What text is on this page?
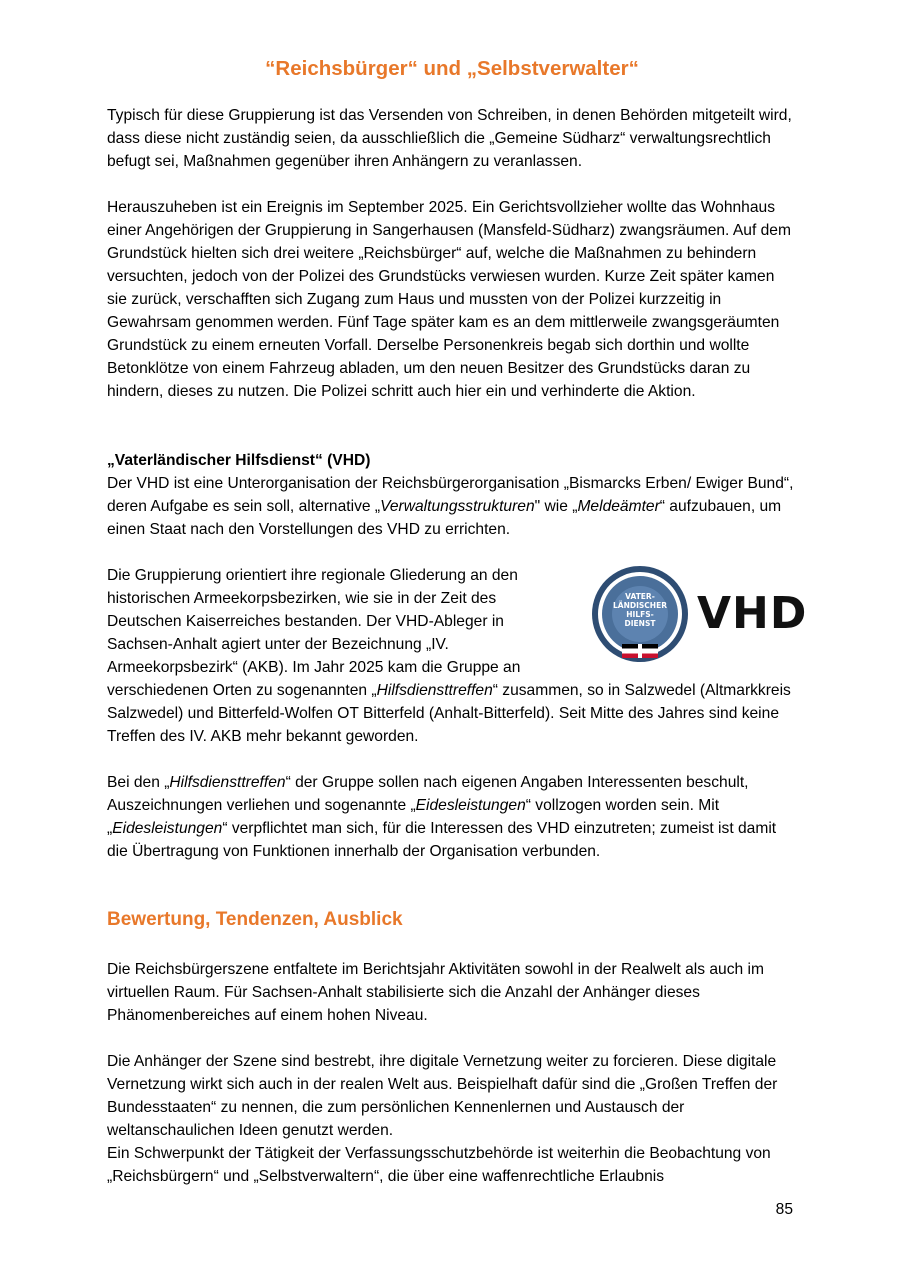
“Reichsbürger“ und „Selbstverwalter“

Typisch für diese Gruppierung ist das Versenden von Schreiben, in denen Behörden mitgeteilt wird, dass diese nicht zuständig seien, da ausschließlich die „Gemeine Südharz“ verwaltungsrechtlich befugt sei, Maßnahmen gegenüber ihren Anhängern zu veranlassen.

Herauszuheben ist ein Ereignis im September 2025. Ein Gerichtsvollzieher wollte das Wohnhaus einer Angehörigen der Gruppierung in Sangerhausen (Mansfeld-Südharz) zwangsräumen. Auf dem Grundstück hielten sich drei weitere „Reichsbürger“ auf, welche die Maßnahmen zu behindern versuchten, jedoch von der Polizei des Grundstücks verwiesen wurden. Kurze Zeit später kamen sie zurück, verschafften sich Zugang zum Haus und mussten von der Polizei kurzzeitig in Gewahrsam genommen werden. Fünf Tage später kam es an dem mittlerweile zwangsgeräumten Grundstück zu einem erneuten Vorfall. Derselbe Personenkreis begab sich dorthin und wollte Betonklötze von einem Fahrzeug abladen, um den neuen Besitzer des Grundstücks daran zu hindern, dieses zu nutzen. Die Polizei schritt auch hier ein und verhinderte die Aktion.

„Vaterländischer Hilfsdienst“ (VHD)
Der VHD ist eine Unterorganisation der Reichsbürgerorganisation „Bismarcks Erben/ Ewiger Bund“, deren Aufgabe es sein soll, alternative „Verwaltungsstrukturen" wie „Meldeämter“ aufzubauen, um einen Staat nach den Vorstellungen des VHD zu errichten.
Die Gruppierung orientiert ihre regionale Gliederung an den
historischen Armeekorpsbezirken, wie sie in der Zeit des
Deutschen Kaiserreiches bestanden. Der VHD-Ableger in
Sachsen-Anhalt agiert unter der Bezeichnung „IV.
Armeekorpsbezirk“ (AKB). Im Jahr 2025 kam die Gruppe an
verschiedenen Orten zu sogenannten „Hilfsdiensttreffen“ zusammen, so in Salzwedel (Altmarkkreis Salzwedel) und Bitterfeld-Wolfen OT Bitterfeld (Anhalt-Bitterfeld). Seit Mitte des Jahres sind keine Treffen des IV. AKB mehr bekannt geworden.
VATER-
LÄNDISCHER
HILFS-
DIENST VHD
Bei den „Hilfsdiensttreffen“ der Gruppe sollen nach eigenen Angaben Interessenten beschult, Auszeichnungen verliehen und sogenannte „Eidesleistungen“ vollzogen worden sein. Mit „Eidesleistungen“ verpflichtet man sich, für die Interessen des VHD einzutreten; zumeist ist damit die Übertragung von Funktionen innerhalb der Organisation verbunden.
Bewertung, Tendenzen, Ausblick

Die Reichsbürgerszene entfaltete im Berichtsjahr Aktivitäten sowohl in der Realwelt als auch im virtuellen Raum. Für Sachsen-Anhalt stabilisierte sich die Anzahl der Anhänger dieses Phänomenbereiches auf einem hohen Niveau.

Die Anhänger der Szene sind bestrebt, ihre digitale Vernetzung weiter zu forcieren. Diese digitale Vernetzung wirkt sich auch in der realen Welt aus. Beispielhaft dafür sind die „Großen Treffen der Bundesstaaten“ zu nennen, die zum persönlichen Kennenlernen und Austausch der weltanschaulichen Ideen genutzt werden.

Ein Schwerpunkt der Tätigkeit der Verfassungsschutzbehörde ist weiterhin die Beobachtung von „Reichsbürgern“ und „Selbstverwaltern“, die über eine waffenrechtliche Erlaubnis

85
